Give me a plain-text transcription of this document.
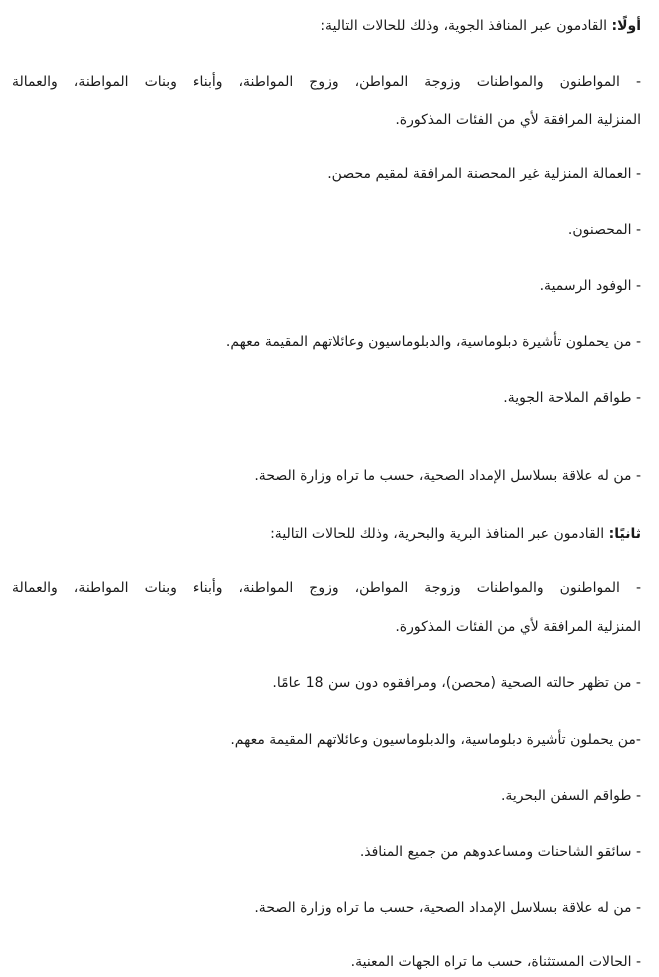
أولًا: القادمون عبر المنافذ الجوية، وذلك للحالات التالية:
- المواطنون والمواطنات وزوجة المواطن، وزوج المواطنة، وأبناء وبنات المواطنة، والعمالة
المنزلية المرافقة لأي من الفئات المذكورة.
- العمالة المنزلية غير المحصنة المرافقة لمقيم محصن.
- المحصنون.
- الوفود الرسمية.
- من يحملون تأشيرة دبلوماسية، والدبلوماسيون وعائلاتهم المقيمة معهم.
- طواقم الملاحة الجوية.
- من له علاقة بسلاسل الإمداد الصحية، حسب ما تراه وزارة الصحة.
ثانيًا: القادمون عبر المنافذ البرية والبحرية، وذلك للحالات التالية:
- المواطنون والمواطنات وزوجة المواطن، وزوج المواطنة، وأبناء وبنات المواطنة، والعمالة
المنزلية المرافقة لأي من الفئات المذكورة.
- من تظهر حالته الصحية (محصن)، ومرافقوه دون سن 18 عامًا.
-من يحملون تأشيرة دبلوماسية، والدبلوماسيون وعائلاتهم المقيمة معهم.
- طواقم السفن البحرية.
- سائقو الشاحنات ومساعدوهم من جميع المنافذ.
- من له علاقة بسلاسل الإمداد الصحية، حسب ما تراه وزارة الصحة.
- الحالات المستثناة، حسب ما تراه الجهات المعنية.
